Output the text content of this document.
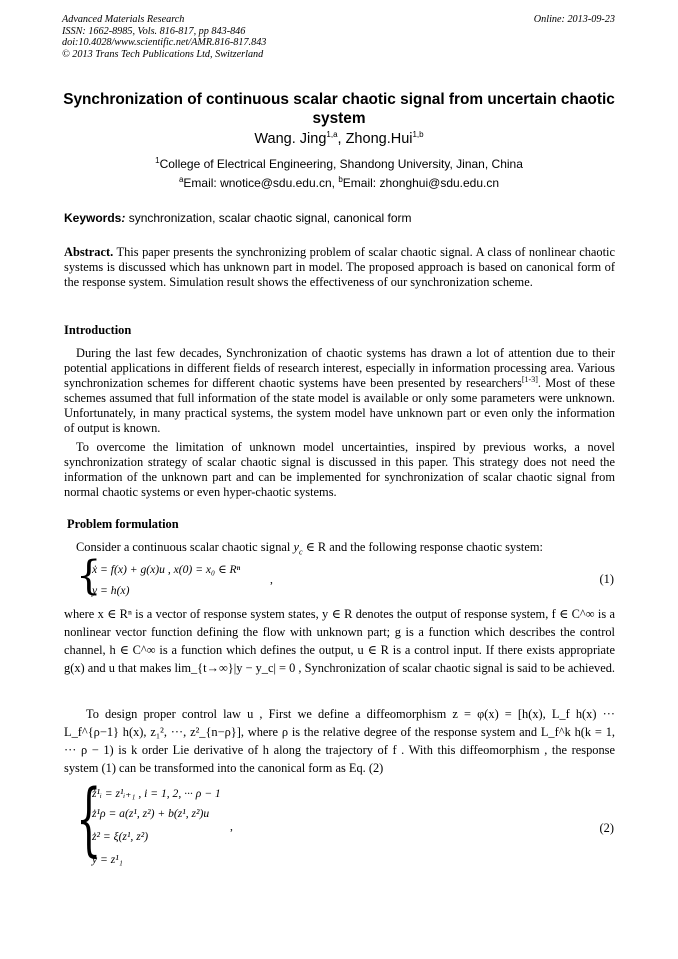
Advanced Materials Research
ISSN: 1662-8985, Vols. 816-817, pp 843-846
doi:10.4028/www.scientific.net/AMR.816-817.843
© 2013 Trans Tech Publications Ltd, Switzerland
Online: 2013-09-23
Synchronization of continuous scalar chaotic signal from uncertain chaotic system
Wang. Jing$^{1,a}$, Zhong.Hui$^{1,b}$
$^1$College of Electrical Engineering, Shandong University, Jinan, China
$^a$Email: wnotice@sdu.edu.cn, $^b$Email: zhonghui@sdu.edu.cn
Keywords: synchronization, scalar chaotic signal, canonical form
Abstract. This paper presents the synchronizing problem of scalar chaotic signal. A class of nonlinear chaotic systems is discussed which has unknown part in model. The proposed approach is based on canonical form of the response system. Simulation result shows the effectiveness of our synchronization scheme.
Introduction
During the last few decades, Synchronization of chaotic systems has drawn a lot of attention due to their potential applications in different fields of research interest, especially in information processing area. Various synchronization schemes for different chaotic systems have been presented by researchers[1-3]. Most of these schemes assumed that full information of the state model is available or only some parameters were unknown. Unfortunately, in many practical systems, the system model have unknown part or even only the information of output is known.
To overcome the limitation of unknown model uncertainties, inspired by previous works, a novel synchronization strategy of scalar chaotic signal is discussed in this paper. This strategy does not need the information of the unknown part and can be implemented for synchronization of scalar chaotic signal from normal chaotic systems or even hyper-chaotic systems.
Problem formulation
Consider a continuous scalar chaotic signal $y_c$ ∈ R and the following response chaotic system:
{
ẋ = f(x) + g(x)u , x(0) = x₀ ∈ Rⁿ
y = h(x)
,	(1)
where x ∈ Rⁿ is a vector of response system states, y ∈ R denotes the output of response system, f ∈ C^∞ is a nonlinear vector function defining the flow with unknown part; g is a function which describes the control channel, h ∈ C^∞ is a function which defines the output, u ∈ R is a control input. If there exists appropriate g(x) and u that makes lim_{t→∞}|y − y_c| = 0 , Synchronization of scalar chaotic signal is said to be achieved.
To design proper control law u , First we define a diffeomorphism z = φ(x) = [h(x), L_f h(x) ··· L_f^{ρ−1} h(x), z₁², ···, z²_{n−ρ}], where ρ is the relative degree of the response system and L_f^k h(k = 1, ··· ρ − 1) is k order Lie derivative of h along the trajectory of f . With this diffeomorphism , the response system (1) can be transformed into the canonical form as Eq. (2)
{
ż¹ᵢ = z¹ᵢ₊₁ , i = 1, 2, ··· ρ − 1
ż¹ρ = a(z¹, z²) + b(z¹, z²)u
ż² = ξ(z¹, z²)
y = z¹₁
,	(2)
